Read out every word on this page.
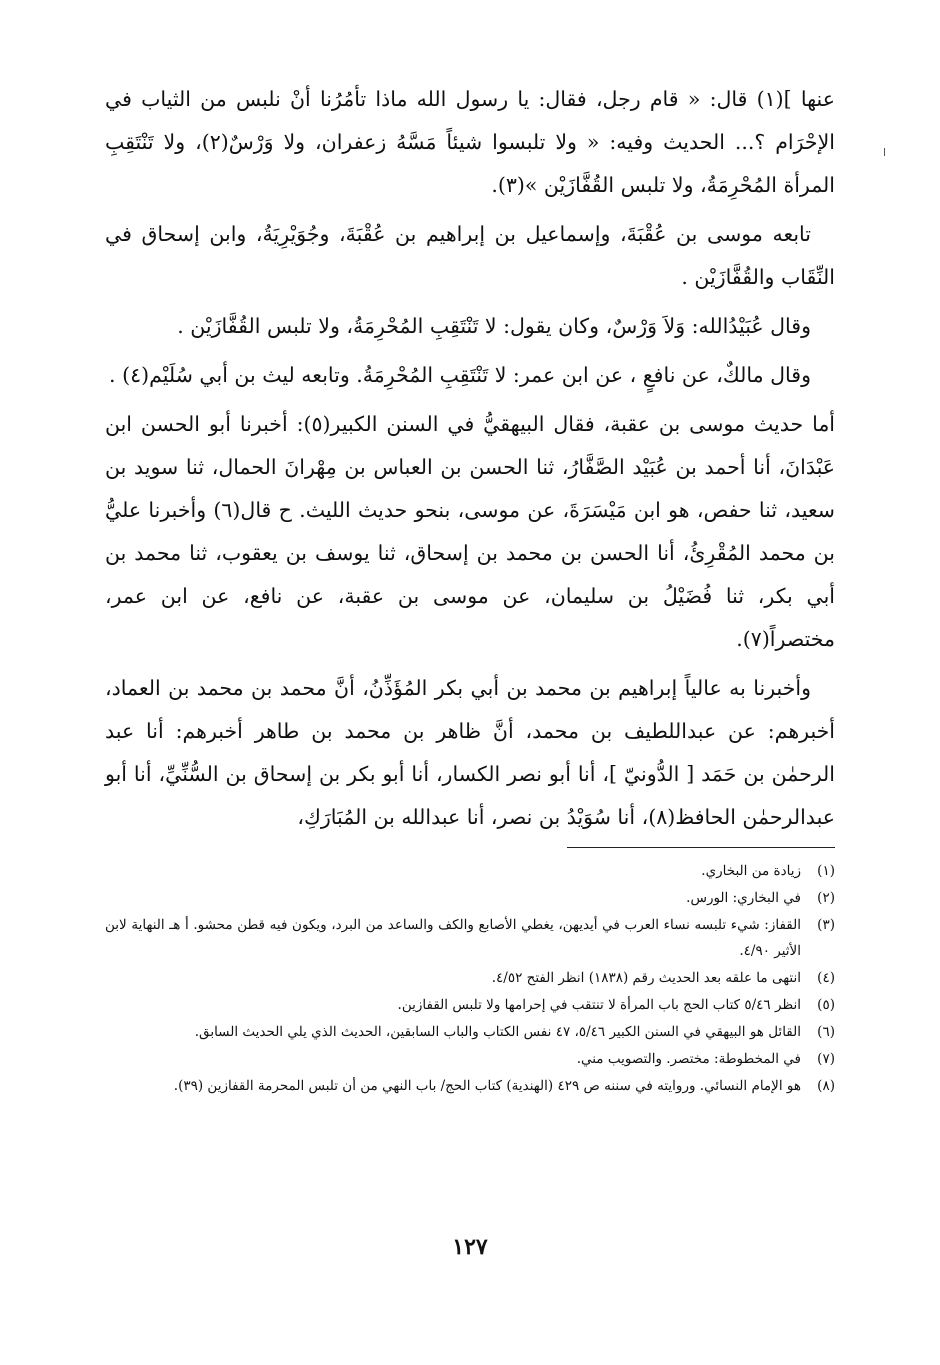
عنها ](١) قال: « قام رجل، فقال: يا رسول الله ماذا تأمُرُنا أنْ نلبس من الثياب في الإحْرَام ؟... الحديث وفيه: « ولا تلبسوا شيئاً مَسَّهُ زعفران، ولا وَرْسٌ(٢)، ولا تَنْتَقِبِ المرأة المُحْرِمَةُ، ولا تلبس القُفَّازَيْن »(٣).

تابعه موسى بن عُقْبَةَ، وإسماعيل بن إبراهيم بن عُقْبَةَ، وجُوَيْرِيَةُ، وابن إسحاق في النِّقَاب والقُفَّازَيْن .

وقال عُبَيْدُالله: وَلاَ وَرْسٌ، وكان يقول: لا تَنْتَقِبِ المُحْرِمَةُ، ولا تلبس القُفَّازَيْن .

وقال مالكٌ، عن نافعٍ ، عن ابن عمر: لا تَنْتَقِبِ المُحْرِمَةُ. وتابعه ليث بن أبي سُلَيْم(٤) .

أما حديث موسى بن عقبة، فقال البيهقيُّ في السنن الكبير(٥): أخبرنا أبو الحسن ابن عَبْدَانَ، أنا أحمد بن عُبَيْد الصَّفَّارُ، ثنا الحسن بن العباس بن مِهْرانَ الحمال، ثنا سويد بن سعيد، ثنا حفص، هو ابن مَيْسَرَةَ، عن موسى، بنحو حديث الليث. ح قال(٦) وأخبرنا عليُّ بن محمد المُقْرِئُ، أنا الحسن بن محمد بن إسحاق، ثنا يوسف بن يعقوب، ثنا محمد بن أبي بكر، ثنا فُضَيْلُ بن سليمان، عن موسى بن عقبة، عن نافع، عن ابن عمر، مختصراً(٧).

وأخبرنا به عالياً إبراهيم بن محمد بن أبي بكر المُؤَذِّنُ، أنَّ محمد بن محمد بن العماد، أخبرهم: عن عبداللطيف بن محمد، أنَّ ظاهر بن محمد بن طاهر أخبرهم: أنا عبد الرحمٰن بن حَمَد [ الدُّونيّ ]، أنا أبو نصر الكسار، أنا أبو بكر بن إسحاق بن السُّنِّيِّ، أنا أبو عبدالرحمٰن الحافظ(٨)، أنا سُوَيْدُ بن نصر، أنا عبدالله بن المُبَارَكِ،

(١)
زيادة من البخاري.
(٢)
في البخاري: الورس.
(٣)
القفاز: شيء تلبسه نساء العرب في أيديهن، يغطي الأصابع والكف والساعد من البرد، ويكون فيه قطن محشو. أ هـ النهاية لابن الأثير ٤/٩٠.
(٤)
انتهى ما علقه بعد الحديث رقم (١٨٣٨) انظر الفتح ٤/٥٢.
(٥)
انظر ٥/٤٦ كتاب الحج باب المرأة لا تنتقب في إحرامها ولا تلبس القفازين.
(٦)
القائل هو البيهقي في السنن الكبير ٥/٤٦، ٤٧ نفس الكتاب والباب السابقين، الحديث الذي يلي الحديث السابق.
(٧)
في المخطوطة: مختصر. والتصويب مني.
(٨)
هو الإمام النسائي. وروايته في سننه ص ٤٢٩ (الهندية) كتاب الحج/ باب النهي من أن تلبس المحرمة القفازين (٣٩).
١٢٧
